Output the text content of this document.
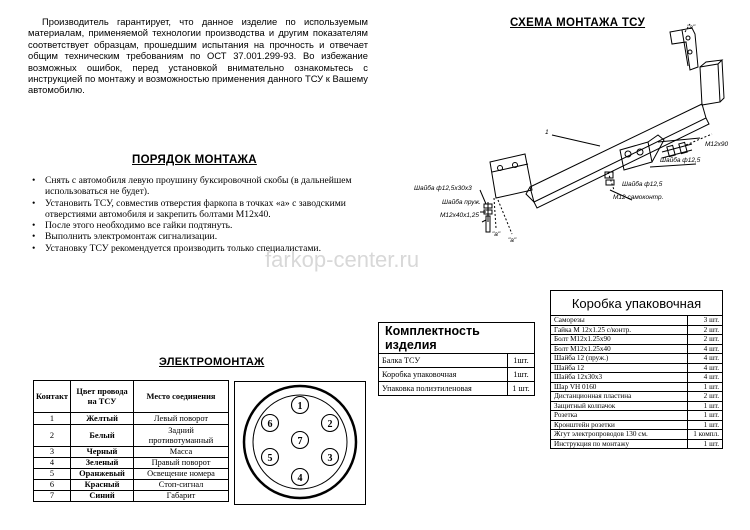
Производитель гарантирует, что данное изделие по используемым материалам, применяемой технологии производства и другим показателям соответствует образцам, прошедшим испытания на прочность и отвечает общим техническим требованиям по ОСТ 37.001.299-93. Во избежание возможных ошибок, перед установкой внимательно ознакомьтесь с инструкцией по монтажу и возможностью применения данного ТСУ к Вашему автомобилю.
СХЕМА МОНТАЖА ТСУ
ПОРЯДОК МОНТАЖА
• Снять с автомобиля левую проушину буксировочной скобы (в дальнейшем использоваться не будет).
• Установить ТСУ, совместив отверстия фаркопа в точках «а» с заводскими отверстиями автомобиля и закрепить болтами М12х40.
• После этого необходимо все гайки подтянуть.
• Выполнить электромонтаж сигнализации.
• Установку ТСУ рекомендуется производить только специалистами.
farkop-center.ru
1
М12х90
Шайба ф12,5
Шайба ф12,5
М12 самоконтр.
Шайба пруж.
Шайба ф12,5х30х3
М12х40х1,25
"а"
"а"
"а"
ЭЛЕКТРОМОНТАЖ
Контакт	Цвет провода на ТСУ	Место соединения
1	Желтый	Левый поворот
2	Белый	Задний противотуманный
3	Черный	Масса
4	Зеленый	Правый поворот
5	Оранжевый	Освещение номера
6	Красный	Стоп-сигнал
7	Синий	Габарит
1
2
3
4
5
6
7
Комплектность изделия	
Балка ТСУ	1шт.
Коробка упаковочная	1шт.
Упаковка полиэтиленовая	1 шт.
Коробка упаковочная	
Саморезы	3 шт.
Гайка М 12х1.25 с/контр.	2 шт.
Болт М12х1.25х90	2 шт.
Болт М12х1.25х40	4 шт.
Шайба 12 (пруж.)	4 шт.
Шайба 12	4 шт.
Шайба 12х30х3	4 шт.
Шар VH 0160	1 шт.
Дистанционная пластина	2 шт.
Защитный колпачок	1 шт.
Розетка	1 шт.
Кронштейн розетки	1 шт.
Жгут электропроводов 130 см.	1 компл.
Инструкция по монтажу	1 шт.
